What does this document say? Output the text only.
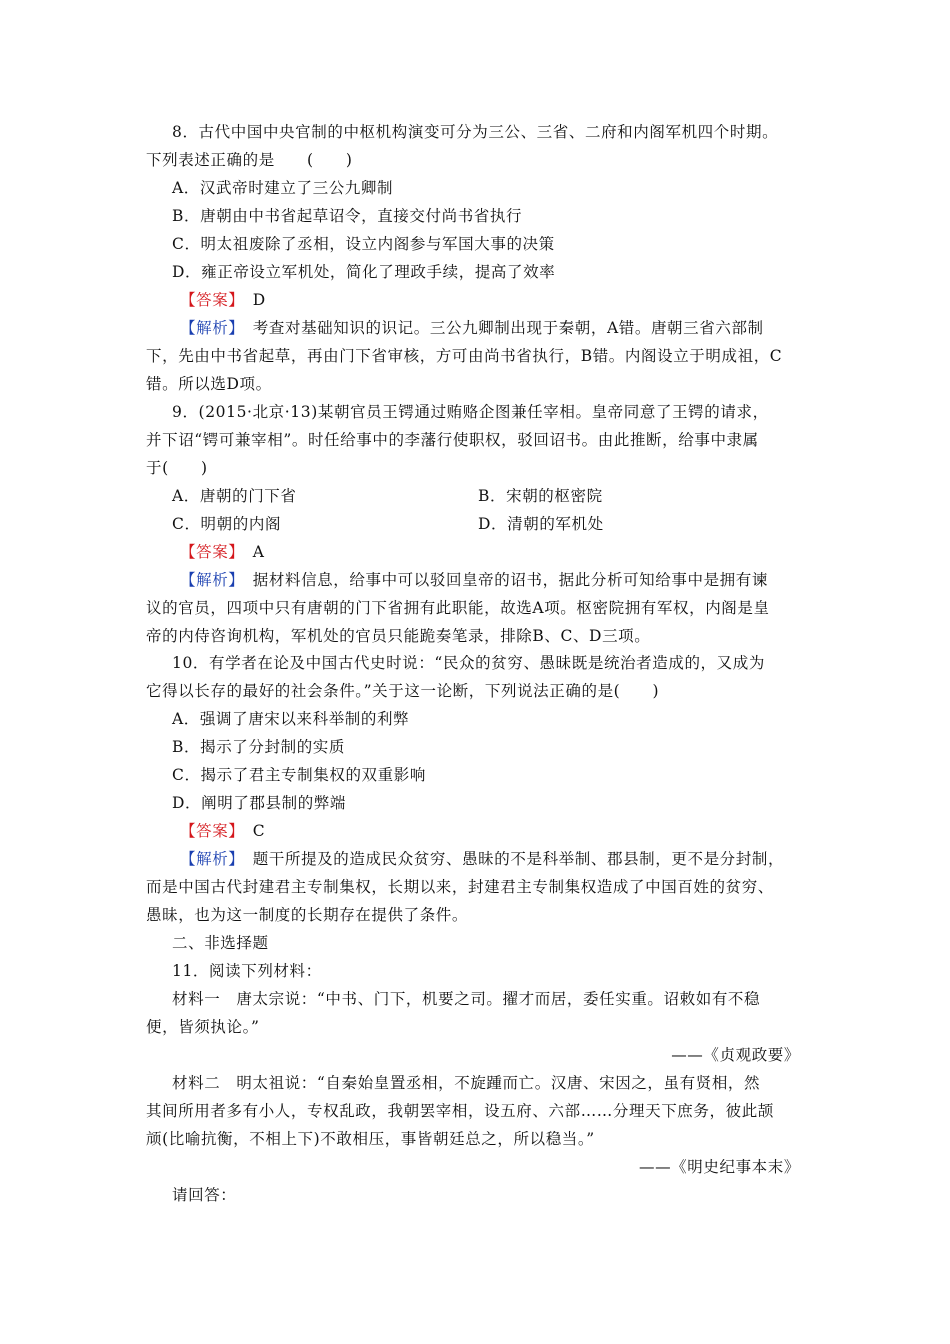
8．古代中国中央官制的中枢机构演变可分为三公、三省、二府和内阁军机四个时期。
下列表述正确的是　　(　　)
A．汉武帝时建立了三公九卿制
B．唐朝由中书省起草诏令，直接交付尚书省执行
C．明太祖废除了丞相，设立内阁参与军国大事的决策
D．雍正帝设立军机处，简化了理政手续，提高了效率
【答案】　 D
【解析】　 考查对基础知识的识记。三公九卿制出现于秦朝，A错。唐朝三省六部制
下，先由中书省起草，再由门下省审核，方可由尚书省执行，B错。内阁设立于明成祖，C
错。所以选D项。
9．(2015·北京·13)某朝官员王锷通过贿赂企图兼任宰相。皇帝同意了王锷的请求，
并下诏“锷可兼宰相”。时任给事中的李藩行使职权，驳回诏书。由此推断，给事中隶属
于(　　)
A．唐朝的门下省	B．宋朝的枢密院
C．明朝的内阁	D．清朝的军机处
【答案】　 A
【解析】　 据材料信息，给事中可以驳回皇帝的诏书，据此分析可知给事中是拥有谏
议的官员，四项中只有唐朝的门下省拥有此职能，故选A项。枢密院拥有军权，内阁是皇
帝的内侍咨询机构，军机处的官员只能跪奏笔录，排除B、C、D三项。
10．有学者在论及中国古代史时说：“民众的贫穷、愚昧既是统治者造成的，又成为
它得以长存的最好的社会条件。”关于这一论断，下列说法正确的是(　　)
A．强调了唐宋以来科举制的利弊
B．揭示了分封制的实质
C．揭示了君主专制集权的双重影响
D．阐明了郡县制的弊端
【答案】　 C
【解析】　 题干所提及的造成民众贫穷、愚昧的不是科举制、郡县制，更不是分封制，
而是中国古代封建君主专制集权，长期以来，封建君主专制集权造成了中国百姓的贫穷、
愚昧，也为这一制度的长期存在提供了条件。
二、非选择题
11．阅读下列材料：
材料一　唐太宗说：“中书、门下，机要之司。擢才而居，委任实重。诏敕如有不稳
便，皆须执论。”
——《贞观政要》
材料二　明太祖说：“自秦始皇置丞相，不旋踵而亡。汉唐、宋因之，虽有贤相，然
其间所用者多有小人，专权乱政，我朝罢宰相，设五府、六部……分理天下庶务，彼此颉
颃(比喻抗衡，不相上下)不敢相压，事皆朝廷总之，所以稳当。”
——《明史纪事本末》
请回答：
